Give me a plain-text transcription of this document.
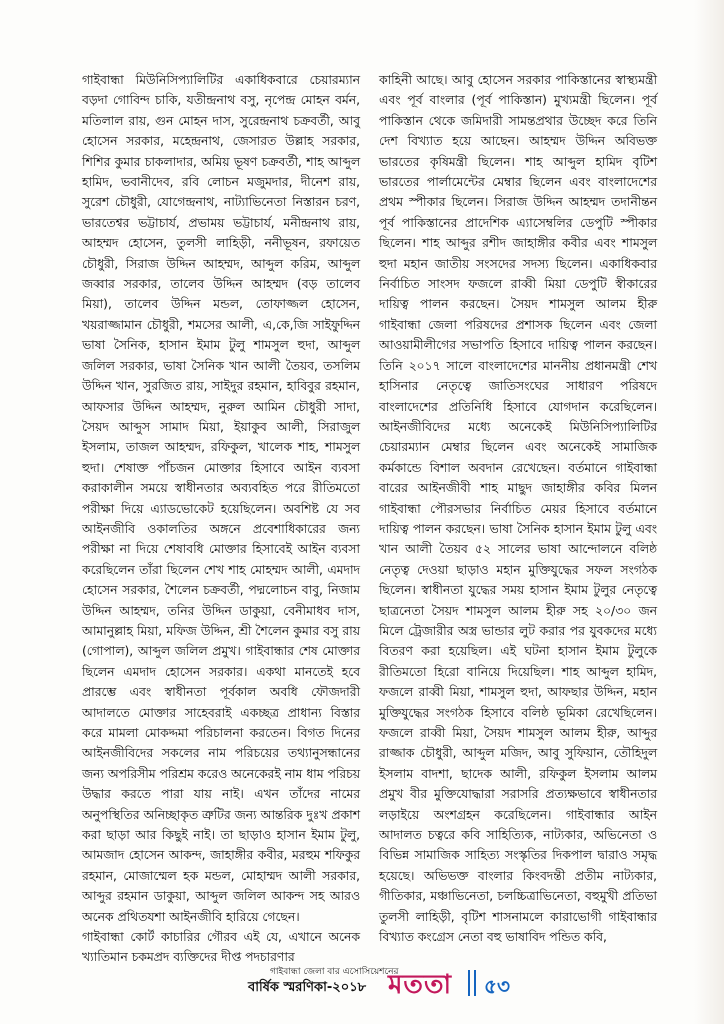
গাইবান্ধা মিউনিসিপ্যালিটির একাধিকবারে চেয়ারম্যান বড়দা গোবিন্দ চাকি, যতীন্দ্রনাথ বসু, নৃপেন্দ্র মোহন বর্মন, মতিলাল রায়, গুন মোহন দাস, সুরেন্দ্রনাথ চক্রবর্তী, আবু হোসেন সরকার, মহেন্দ্রনাথ, জেসারত উল্লাহ সরকার, শিশির কুমার চাকলাদার, অমিয় ভূষণ চক্রবর্তী, শাহ আব্দুল হামিদ, ভবানীদেব, রবি লোচন মজুমদার, দীনেশ রায়, সুরেশ চৌধুরী, যোগেন্দ্রনাথ, নাট্যাভিনেতা নিস্তারন চরণ, ভারতেশ্বর ভট্টাচার্য, প্রভাময় ভট্টাচার্য, মনীন্দ্রনাথ রায়, আহম্মদ হোসেন, তুলসী লাহিড়ী, ননীভূষন, রফায়েত চৌধুরী, সিরাজ উদ্দিন আহম্মদ, আব্দুল করিম, আব্দুল জব্বার সরকার, তালেব উদ্দিন আহম্মদ (বড় তালেব মিয়া), তালেব উদ্দিন মন্ডল, তোফাজ্জল হোসেন, খয়রাজ্জামান চৌধুরী, শমসের আলী, এ,কে,জি সাইফুদ্দিন ভাষা সৈনিক, হাসান ইমাম টুলু শামসুল হুদা, আব্দুল জলিল সরকার, ভাষা সৈনিক খান আলী তৈয়ব, তসলিম উদ্দিন খান, সুরজিত রায়, সাইদুর রহমান, হাবিবুর রহমান, আফসার উদ্দিন আহম্মদ, নুরুল আমিন চৌধুরী সাদা, সৈয়দ আব্দুস সামাদ মিয়া, ইয়াকুব আলী, সিরাজুল ইসলাম, তাজল আহম্মদ, রফিকুল, খালেক শাহ, শামসুল হুদা। শেষাক্ত পাঁচজন মোক্তার হিসাবে আইন ব্যবসা করাকালীন সময়ে স্বাধীনতার অব্যবহিত পরে রীতিমতো পরীক্ষা দিয়ে এ্যাডভোকেট হয়েছিলেন। অবশিষ্ট যে সব আইনজীবি ওকালতির অঙ্গনে প্রবেশাধিকারের জন্য পরীক্ষা না দিয়ে শেষাবধি মোক্তার হিসাবেই আইন ব্যবসা করেছিলেন তাঁরা ছিলেন শেখ শাহ মোহম্মদ আলী, এমদাদ হোসেন সরকার, শৈলেন চক্রবর্তী, পদ্মলোচন বাবু, নিজাম উদ্দিন আহম্মদ, তনির উদ্দিন ডাকুয়া, বেনীমাধব দাস, আমানুল্লাহ মিয়া, মফিজ উদ্দিন, শ্রী শৈলেন কুমার বসু রায় (গোপাল), আব্দুল জলিল প্রমুখ। গাইবান্ধার শেষ মোক্তার ছিলেন এমদাদ হোসেন সরকার। একথা মানতেই হবে প্রারম্ভে এবং স্বাধীনতা পূর্বকাল অবধি ফৌজদারী আদালতে মোক্তার সাহেবরাই একচ্ছত্র প্রাধান্য বিস্তার করে মামলা মোকদ্দমা পরিচালনা করতেন। বিগত দিনের আইনজীবিদের সকলের নাম পরিচয়ের তথ্যানুসন্ধানের জন্য অপরিসীম পরিশ্রম করেও অনেকেরই নাম ধাম পরিচয় উদ্ধার করতে পারা যায় নাই। এখন তাঁদের নামের অনুপস্থিতির অনিচ্ছাকৃত ত্রুটির জন্য আন্তরিক দুঃখ প্রকাশ করা ছাড়া আর কিছুই নাই। তা ছাড়াও হাসান ইমাম টুলু, আমজাদ হোসেন আকন্দ, জাহাঙ্গীর কবীর, মরহুম শফিকুর রহমান, মোজাম্মেল হক মন্ডল, মোহাম্মদ আলী সরকার, আব্দুর রহমান ডাকুয়া, আব্দুল জলিল আকন্দ সহ আরও অনেক প্রথিতযশা আইনজীবি হারিয়ে গেছেন।

গাইবান্ধা কোর্ট কাচারির গৌরব এই যে, এখানে অনেক খ্যাতিমান চকমপ্রদ ব্যক্তিদের দীপ্ত পদচারণার

কাহিনী আছে। আবু হোসেন সরকার পাকিস্তানের স্বাস্থ্যমন্ত্রী এবং পূর্ব বাংলার (পূর্ব পাকিস্তান) মুখ্যমন্ত্রী ছিলেন। পূর্ব পাকিস্তান থেকে জমিদারী সামন্তপ্রথার উচ্ছেদ করে তিনি দেশ বিখ্যাত হয়ে আছেন। আহম্মদ উদ্দিন অবিভক্ত ভারতের কৃষিমন্ত্রী ছিলেন। শাহ আব্দুল হামিদ বৃটিশ ভারতের পার্লামেন্টের মেম্বার ছিলেন এবং বাংলাদেশের প্রথম স্পীকার ছিলেন। সিরাজ উদ্দিন আহম্মদ তদানীন্তন পূর্ব পাকিস্তানের প্রাদেশিক এ্যাসেম্বলির ডেপুটি স্পীকার ছিলেন। শাহ আব্দুর রশীদ জাহাঙ্গীর কবীর এবং শামসুল হুদা মহান জাতীয় সংসদের সদস্য ছিলেন। একাধিকবার নির্বাচিত সাংসদ ফজলে রাব্বী মিয়া ডেপুটি স্বীকারের দায়িত্ব পালন করছেন। সৈয়দ শামসুল আলম হীরু গাইবান্ধা জেলা পরিষদের প্রশাসক ছিলেন এবং জেলা আওয়ামীলীগের সভাপতি হিসাবে দায়িত্ব পালন করছেন। তিনি ২০১৭ সালে বাংলাদেশের মাননীয় প্রধানমন্ত্রী শেখ হাসিনার নেতৃত্বে জাতিসংঘের সাধারণ পরিষদে বাংলাদেশের প্রতিনিধি হিসাবে যোগদান করেছিলেন। আইনজীবিদের মধ্যে অনেকেই মিউনিসিপ্যালিটির চেয়ারম্যান মেম্বার ছিলেন এবং অনেকেই সামাজিক কর্মকান্ডে বিশাল অবদান রেখেছেন। বর্তমানে গাইবান্ধা বারের আইনজীবী শাহ মাছুদ জাহাঙ্গীর কবির মিলন গাইবান্ধা পৌরসভার নির্বাচিত মেয়র হিসাবে বর্তমানে দায়িত্ব পালন করছেন। ভাষা সৈনিক হাসান ইমাম টুলু এবং খান আলী তৈয়ব ৫২ সালের ভাষা আন্দোলনে বলিষ্ঠ নেতৃত্ব দেওয়া ছাড়াও মহান মুক্তিযুদ্ধের সফল সংগঠক ছিলেন। স্বাধীনতা যুদ্ধের সময় হাসান ইমাম টুলুর নেতৃত্বে ছাত্রনেতা সৈয়দ শামসুল আলম হীরু সহ ২০/৩০ জন মিলে ট্রেজারীর অস্ত্র ভান্ডার লুট করার পর যুবকদের মধ্যে বিতরণ করা হয়েছিল। এই ঘটনা হাসান ইমাম টুলুকে রীতিমতো হিরো বানিয়ে দিয়েছিল। শাহ আব্দুল হামিদ, ফজলে রাব্বী মিয়া, শামসুল হুদা, আফছার উদ্দিন, মহান মুক্তিযুদ্ধের সংগঠক হিসাবে বলিষ্ঠ ভূমিকা রেখেছিলেন। ফজলে রাব্বী মিয়া, সৈয়দ শামসুল আলম হীরু, আব্দুর রাজ্জাক চৌধুরী, আব্দুল মজিদ, আবু সুফিয়ান, তৌহিদুল ইসলাম বাদশা, ছাদেক আলী, রফিকুল ইসলাম আলম প্রমুখ বীর মুক্তিযোদ্ধারা সরাসরি প্রত্যক্ষভাবে স্বাধীনতার লড়াইয়ে অংশগ্রহন করেছিলেন। গাইবান্ধার আইন আদালত চত্বরে কবি সাহিত্যিক, নাট্যকার, অভিনেতা ও বিভিন্ন সামাজিক সাহিত্য সংস্কৃতির দিকপাল দ্বারাও সমৃদ্ধ হয়েছে। অভিভক্ত বাংলার কিংবদন্তী প্রতীম নাট্যকার, গীতিকার, মঞ্চাভিনেতা, চলচ্চিত্রাভিনেতা, বহুমুখী প্রতিভা তুলসী লাহিড়ী, বৃটিশ শাসনামলে কারাভোগী গাইবান্ধার বিখ্যাত কংগ্রেস নেতা বহু ভাষাবিদ পন্ডিত কবি,

গাইবান্ধা জেলা বার এসোসিয়েশনের
বার্ষিক স্মরণিকা-২০১৮ মততা ৫৩
